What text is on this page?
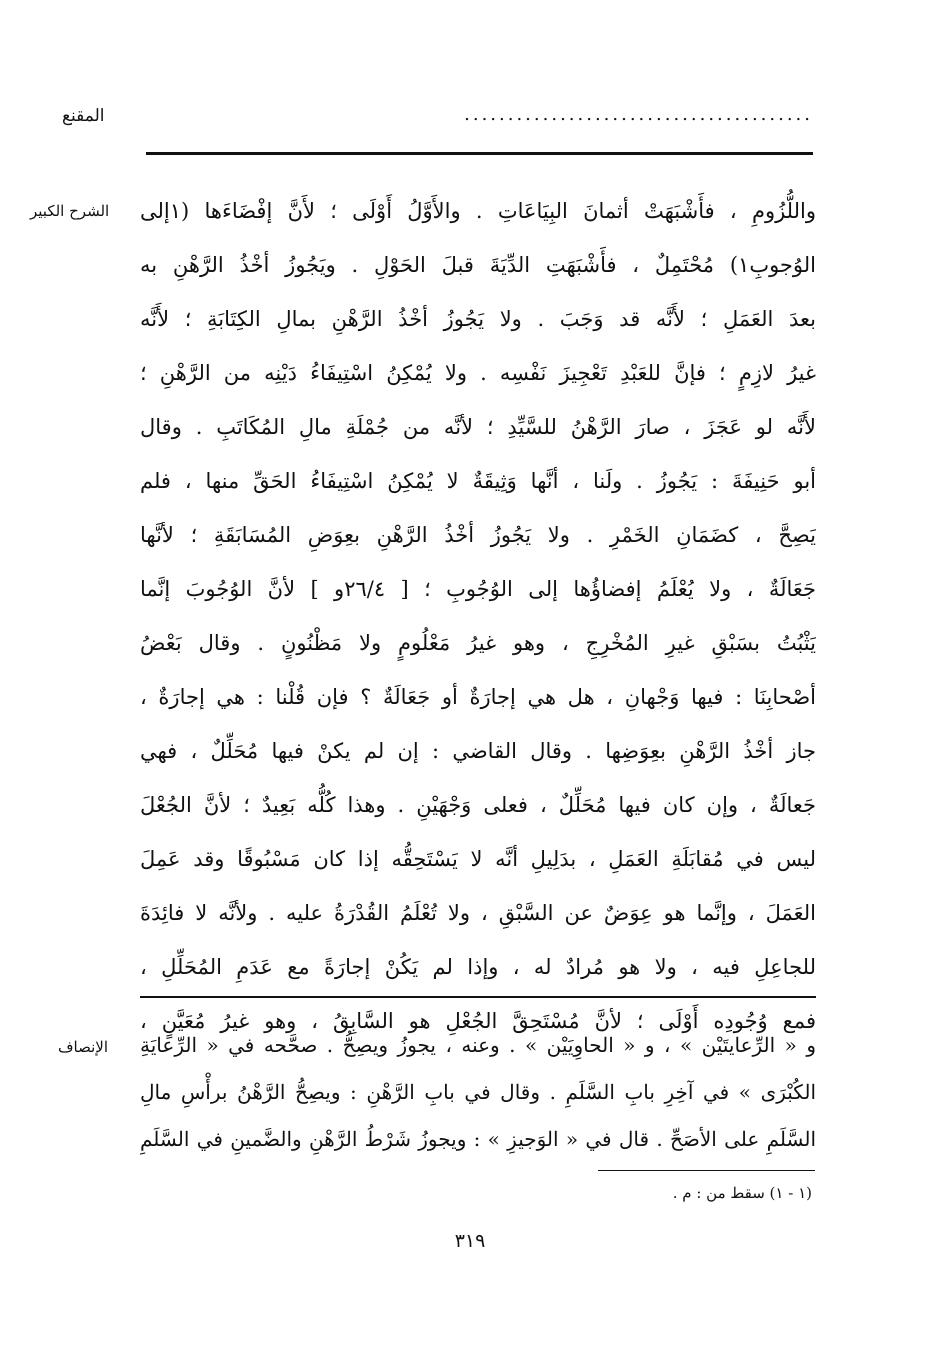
المقنع	........................................
الشرح الكبير واللُّزُومِ ، فأَشْبَهَتْ أثمانَ البِيَاعَاتِ . والأَوَّلُ أَوْلَى ؛ لأَنَّ إفْضَاءَها (١إلى
الوُجوبِ١) مُحْتَمِلٌ ، فأَشْبَهَتِ الدِّيَةَ قبلَ الحَوْلِ . ويَجُوزُ أخْذُ الرَّهْنِ به
بعدَ العَمَلِ ؛ لأَنَّه قد وَجَبَ . ولا يَجُوزُ أخْذُ الرَّهْنِ بمالِ الكِتَابَةِ ؛ لأَنَّه
غيرُ لازِمٍ ؛ فإنَّ للعَبْدِ تَعْجِيزَ نَفْسِه . ولا يُمْكِنُ اسْتِيفَاءُ دَيْنِه من الرَّهْنِ ؛
لأَنَّه لو عَجَزَ ، صارَ الرَّهْنُ للسَّيِّدِ ؛ لأنَّه من جُمْلَةِ مالِ المُكَاتَبِ . وقال
أبو حَنِيفَةَ : يَجُوزُ . ولَنا ، أنَّها وَثِيقَةٌ لا يُمْكِنُ اسْتِيفَاءُ الحَقِّ منها ، فلم
يَصِحَّ ، كضَمَانِ الخَمْرِ . ولا يَجُوزُ أخْذُ الرَّهْنِ بعِوَضِ المُسَابَقَةِ ؛ لأنَّها
جَعَالَةٌ ، ولا يُعْلَمُ إفضاؤُها إلى الوُجُوبِ ؛ [ ٢٦/٤و ] لأنَّ الوُجُوبَ إنَّما
يَثْبُتُ بسَبْقِ غيرِ المُخْرِجِ ، وهو غيرُ مَعْلُومٍ ولا مَظْنُونٍ . وقال بَعْضُ
أصْحابِنَا : فيها وَجْهانِ ، هل هي إجارَةٌ أو جَعَالَةٌ ؟ فإن قُلْنا : هي إجارَةٌ ،
جاز أخْذُ الرَّهْنِ بعِوَضِها . وقال القاضي : إن لم يكنْ فيها مُحَلِّلٌ ، فهي
جَعالَةٌ ، وإن كان فيها مُحَلِّلٌ ، فعلى وَجْهَيْنِ . وهذا كُلُّه بَعِيدٌ ؛ لأنَّ الجُعْلَ
ليس في مُقابَلَةِ العَمَلِ ، بدَلِيلِ أنَّه لا يَسْتَحِقُّه إذا كان مَسْبُوقًا وقد عَمِلَ
العَمَلَ ، وإنَّما هو عِوَضٌ عن السَّبْقِ ، ولا تُعْلَمُ القُدْرَةُ عليه . ولأنَّه لا فائِدَةَ
للجاعِلِ فيه ، ولا هو مُرادٌ له ، وإذا لم يَكُنْ إجارَةً مع عَدَمِ المُحَلِّلِ ،
فمع وُجُودِه أَوْلَى ؛ لأنَّ مُسْتَحِقَّ الجُعْلِ هو السَّابِقُ ، وهو غيرُ مُعَيَّنٍ ،
الإنصاف و « الرِّعايتَيْن » ، و « الحاوِيَيْن » . وعنه ، يجوزُ ويصِحُّ . صحَّحه في « الرِّعايَةِ
الكُبْرَى » في آخِرِ بابِ السَّلَمِ . وقال في بابِ الرَّهْنِ : ويصِحُّ الرَّهْنُ برأْسِ مالِ
السَّلَمِ على الأصَحِّ . قال في « الوَجيزِ » : ويجوزُ شَرْطُ الرَّهْنِ والضَّمينِ في السَّلَمِ
(١ - ١) سقط من : م .
٣١٩
